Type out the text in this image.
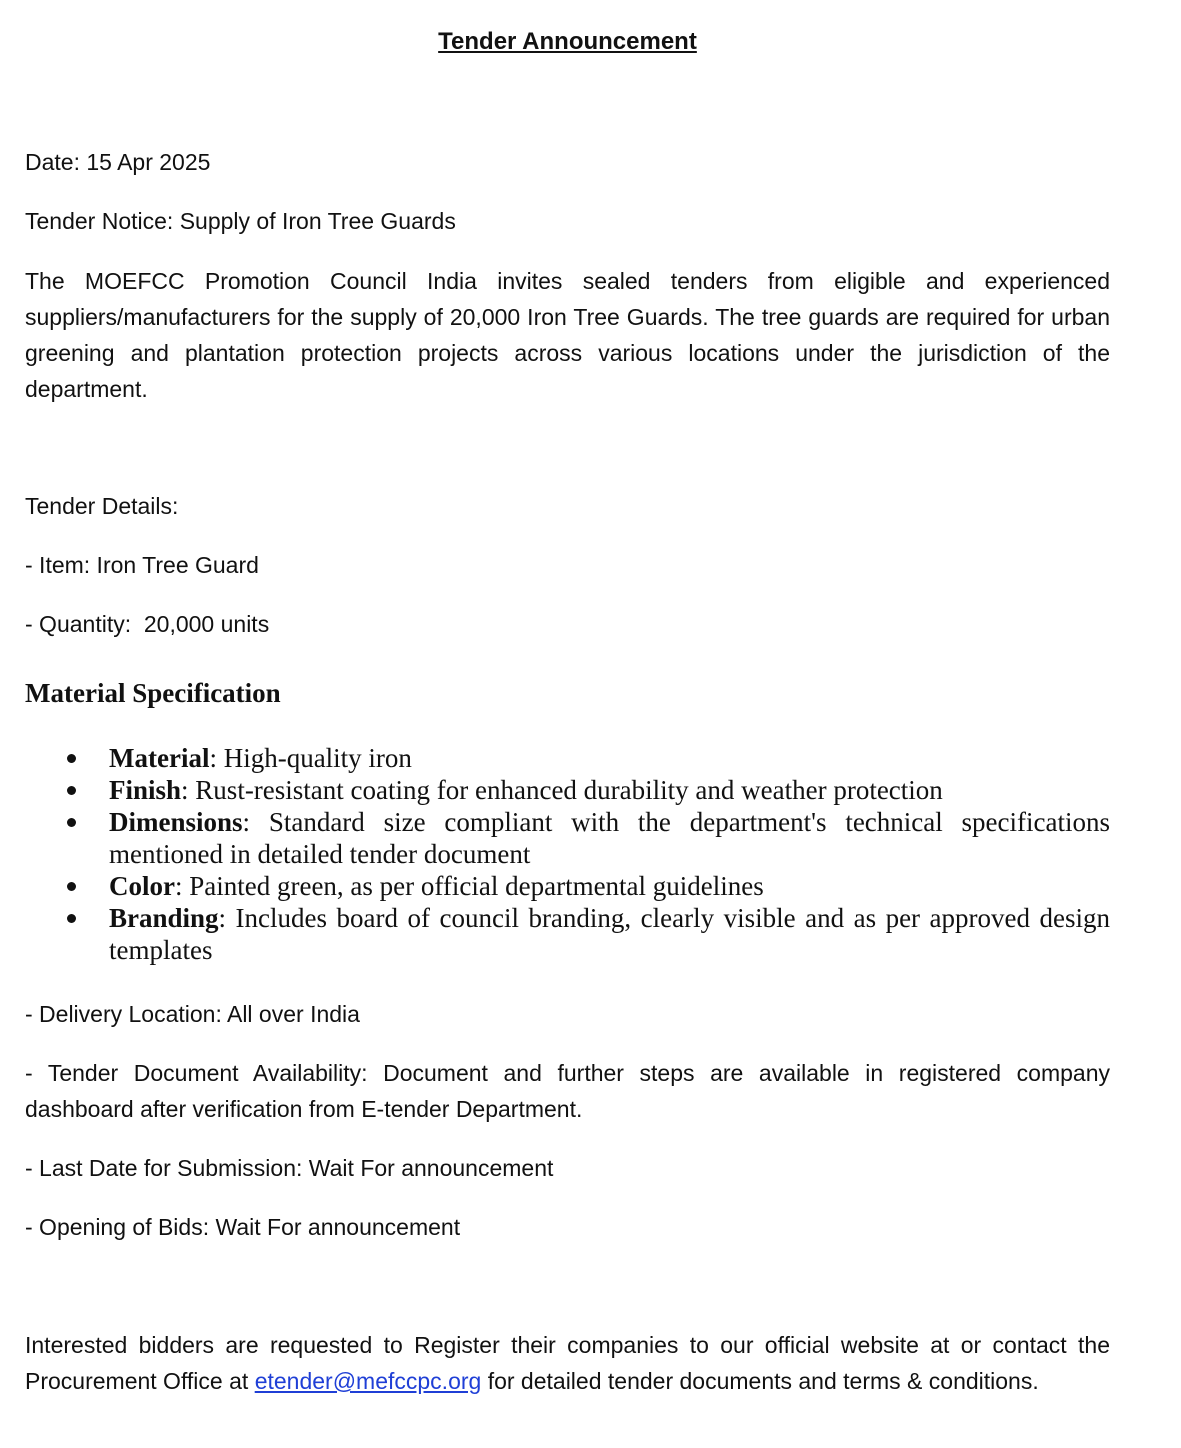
Tender Announcement

Date: 15 Apr 2025

Tender Notice: Supply of Iron Tree Guards

The MOEFCC Promotion Council India invites sealed tenders from eligible and experienced suppliers/manufacturers for the supply of 20,000 Iron Tree Guards. The tree guards are required for urban greening and plantation protection projects across various locations under the jurisdiction of the department.

Tender Details:

- Item: Iron Tree Guard

- Quantity:  20,000 units

Material Specification
Material: High-quality iron
Finish: Rust-resistant coating for enhanced durability and weather protection
Dimensions: Standard size compliant with the department's technical specifications mentioned in detailed tender document
Color: Painted green, as per official departmental guidelines
Branding: Includes board of council branding, clearly visible and as per approved design templates

- Delivery Location: All over India

- Tender Document Availability: Document and further steps are available in registered company dashboard after verification from E-tender Department.

- Last Date for Submission: Wait For announcement

- Opening of Bids: Wait For announcement

Interested bidders are requested to Register their companies to our official website at or contact the Procurement Office at etender@mefccpc.org for detailed tender documents and terms & conditions.
